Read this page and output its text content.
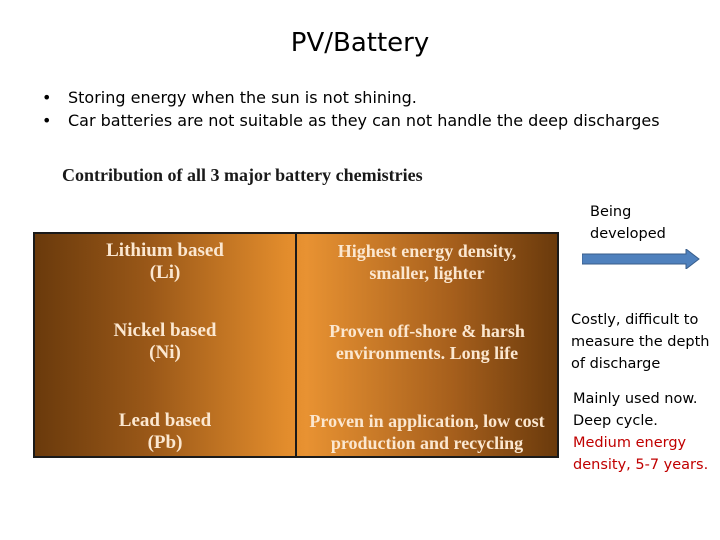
PV/Battery
•	Storing energy when the sun is not shining.
•	Car batteries are not suitable as they can not handle the deep discharges
Contribution of all 3 major battery chemistries
Lithium based
(Li)
Highest energy density,
smaller, lighter
Nickel based
(Ni)
Proven off-shore & harsh
environments. Long life
Lead based
(Pb)
Proven in application, low cost
production and recycling
Being
developed
Costly, difficult to
measure the depth
of discharge
Mainly used now.
Deep cycle.
Medium energy
density, 5-7 years.
